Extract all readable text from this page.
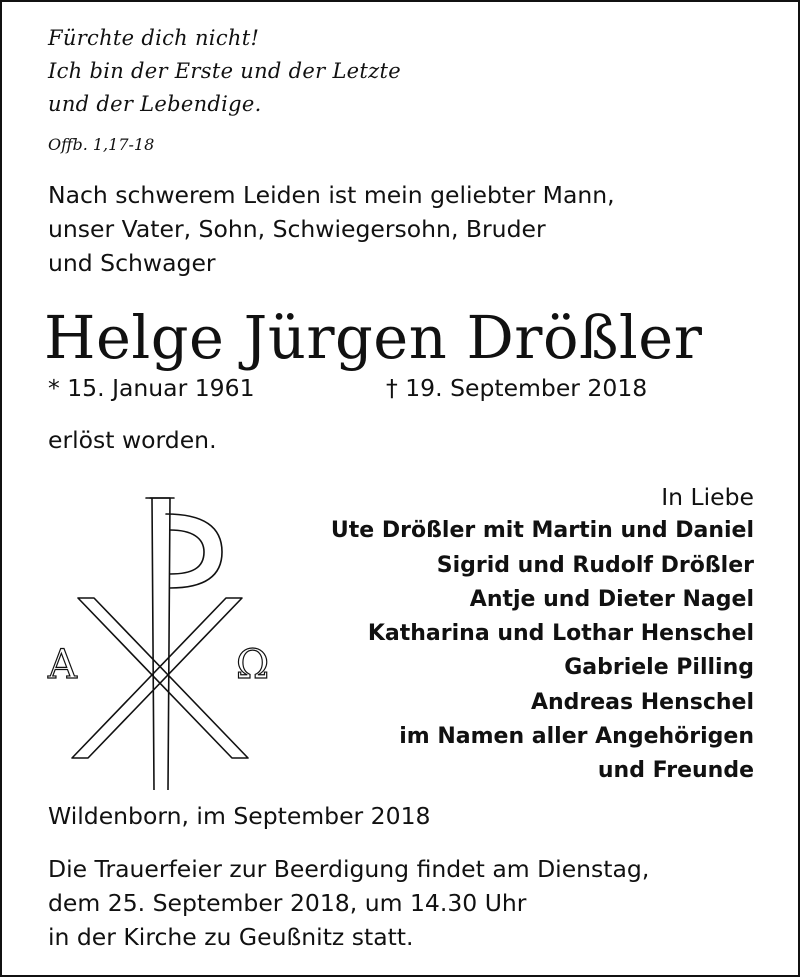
Fürchte dich nicht!
Ich bin der Erste und der Letzte
und der Lebendige.
Offb. 1,17-18
Nach schwerem Leiden ist mein geliebter Mann,
unser Vater, Sohn, Schwiegersohn, Bruder
und Schwager
Helge Jürgen Drößler
* 15. Januar 1961	† 19. September 2018
erlöst worden.
A	Ω
In Liebe
Ute Drößler mit Martin und Daniel
Sigrid und Rudolf Drößler
Antje und Dieter Nagel
Katharina und Lothar Henschel
Gabriele Pilling
Andreas Henschel
im Namen aller Angehörigen
und Freunde
Wildenborn, im September 2018
Die Trauerfeier zur Beerdigung findet am Dienstag,
dem 25. September 2018, um 14.30 Uhr
in der Kirche zu Geußnitz statt.
